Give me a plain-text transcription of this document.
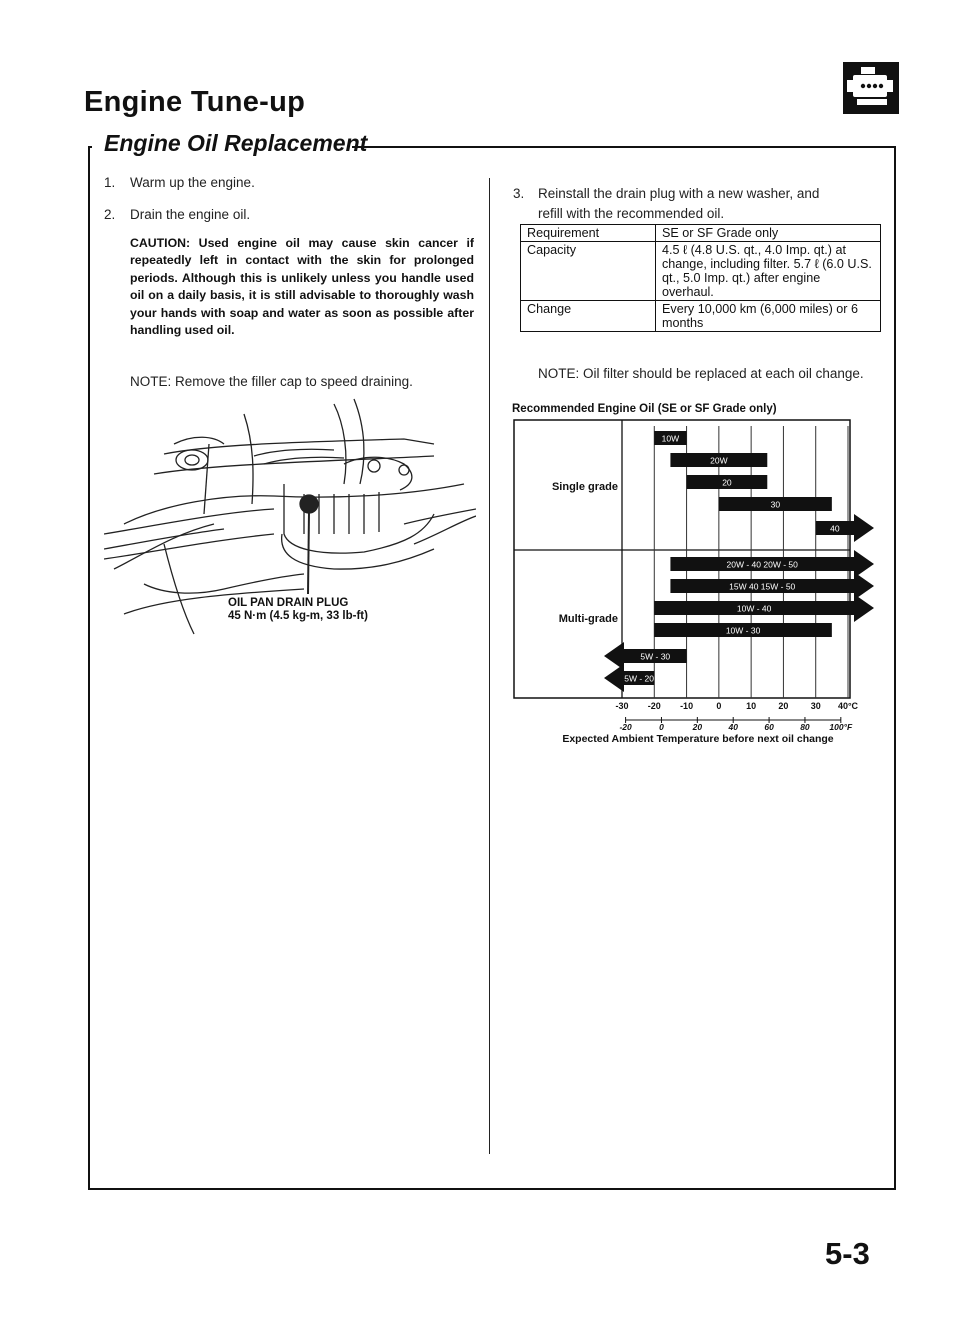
Engine Tune-up
Engine Oil Replacement
1. Warm up the engine.
2. Drain the engine oil.
CAUTION: Used engine oil may cause skin cancer if repeatedly left in contact with the skin for prolonged periods. Although this is unlikely unless you handle used oil on a daily basis, it is still advisable to thoroughly wash your hands with soap and water as soon as possible after handling used oil.
NOTE: Remove the filler cap to speed draining.
OIL PAN DRAIN PLUG
45 N·m (4.5 kg-m, 33 lb-ft)
3. Reinstall the drain plug with a new washer, and
refill with the recommended oil.
Requirement	SE or SF Grade only
Capacity	4.5 ℓ (4.8 U.S. qt., 4.0 Imp. qt.) at change, including filter. 5.7 ℓ (6.0 U.S. qt., 5.0 Imp. qt.) after engine overhaul.
Change	Every 10,000 km (6,000 miles) or 6 months
NOTE: Oil filter should be replaced at each oil change.
Recommended Engine Oil (SE or SF Grade only)
Single grade
Multi-grade
10W
20W
20
30
40
20W - 40 20W - 50
15W 40 15W - 50
10W - 40
10W - 30
5W - 30
5W - 20
-30 -20 -10	0	10 20 30 40°C
-20	0	20	40	60	80 100°F
Expected Ambient Temperature before next oil change
5-3
